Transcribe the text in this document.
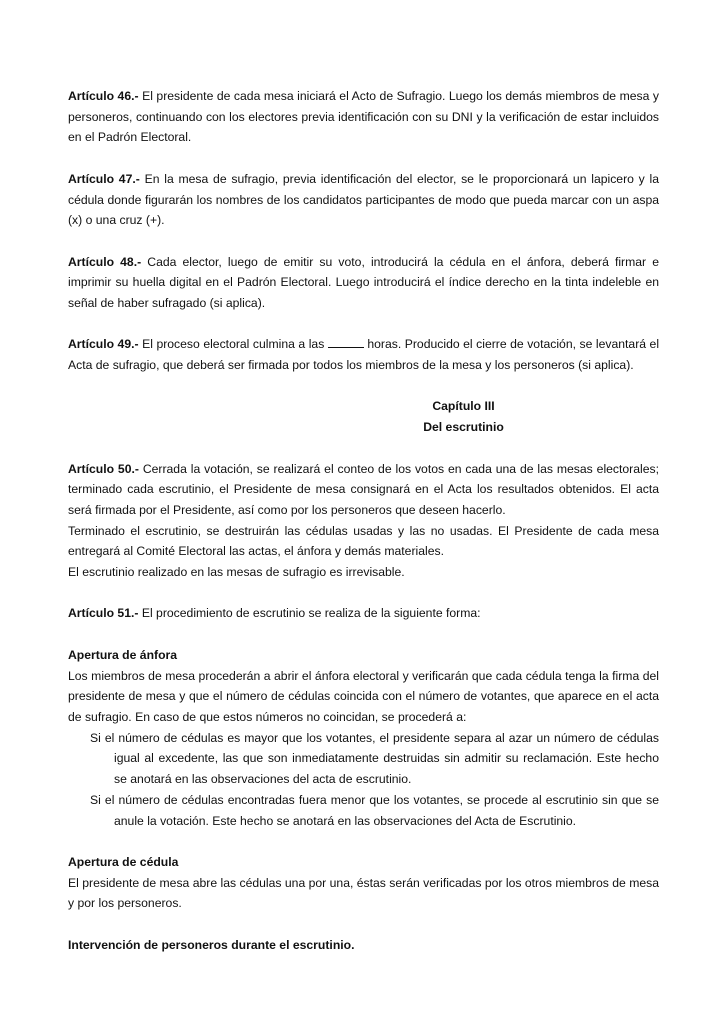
Artículo 46.- El presidente de cada mesa iniciará el Acto de Sufragio. Luego los demás miembros de mesa y personeros, continuando con los electores previa identificación con su DNI y la verificación de estar incluidos en el Padrón Electoral.

Artículo 47.- En la mesa de sufragio, previa identificación del elector, se le proporcionará un lapicero y la cédula donde figurarán los nombres de los candidatos participantes de modo que pueda marcar con un aspa (x) o una cruz (+).

Artículo 48.- Cada elector, luego de emitir su voto, introducirá la cédula en el ánfora, deberá firmar e imprimir su huella digital en el Padrón Electoral. Luego introducirá el índice derecho en la tinta indeleble en señal de haber sufragado (si aplica).

Artículo 49.- El proceso electoral culmina a las	horas. Producido el cierre de votación, se levantará el Acta de sufragio, que deberá ser firmada por todos los miembros de la mesa y los personeros (si aplica).

Capítulo III

Del escrutinio

Artículo 50.- Cerrada la votación, se realizará el conteo de los votos en cada una de las mesas electorales; terminado cada escrutinio, el Presidente de mesa consignará en el Acta los resultados obtenidos. El acta será firmada por el Presidente, así como por los personeros que deseen hacerlo.

Terminado el escrutinio, se destruirán las cédulas usadas y las no usadas. El Presidente de cada mesa entregará al Comité Electoral las actas, el ánfora y demás materiales.

El escrutinio realizado en las mesas de sufragio es irrevisable.

Artículo 51.- El procedimiento de escrutinio se realiza de la siguiente forma:

Apertura de ánfora

Los miembros de mesa procederán a abrir el ánfora electoral y verificarán que cada cédula tenga la firma del presidente de mesa y que el número de cédulas coincida con el número de votantes, que aparece en el acta de sufragio. En caso de que estos números no coincidan, se procederá a:

Si el número de cédulas es mayor que los votantes, el presidente separa al azar un número de cédulas igual al excedente, las que son inmediatamente destruidas sin admitir su reclamación. Este hecho se anotará en las observaciones del acta de escrutinio.

Si el número de cédulas encontradas fuera menor que los votantes, se procede al escrutinio sin que se anule la votación. Este hecho se anotará en las observaciones del Acta de Escrutinio.

Apertura de cédula

El presidente de mesa abre las cédulas una por una, éstas serán verificadas por los otros miembros de mesa y por los personeros.

Intervención de personeros durante el escrutinio.
